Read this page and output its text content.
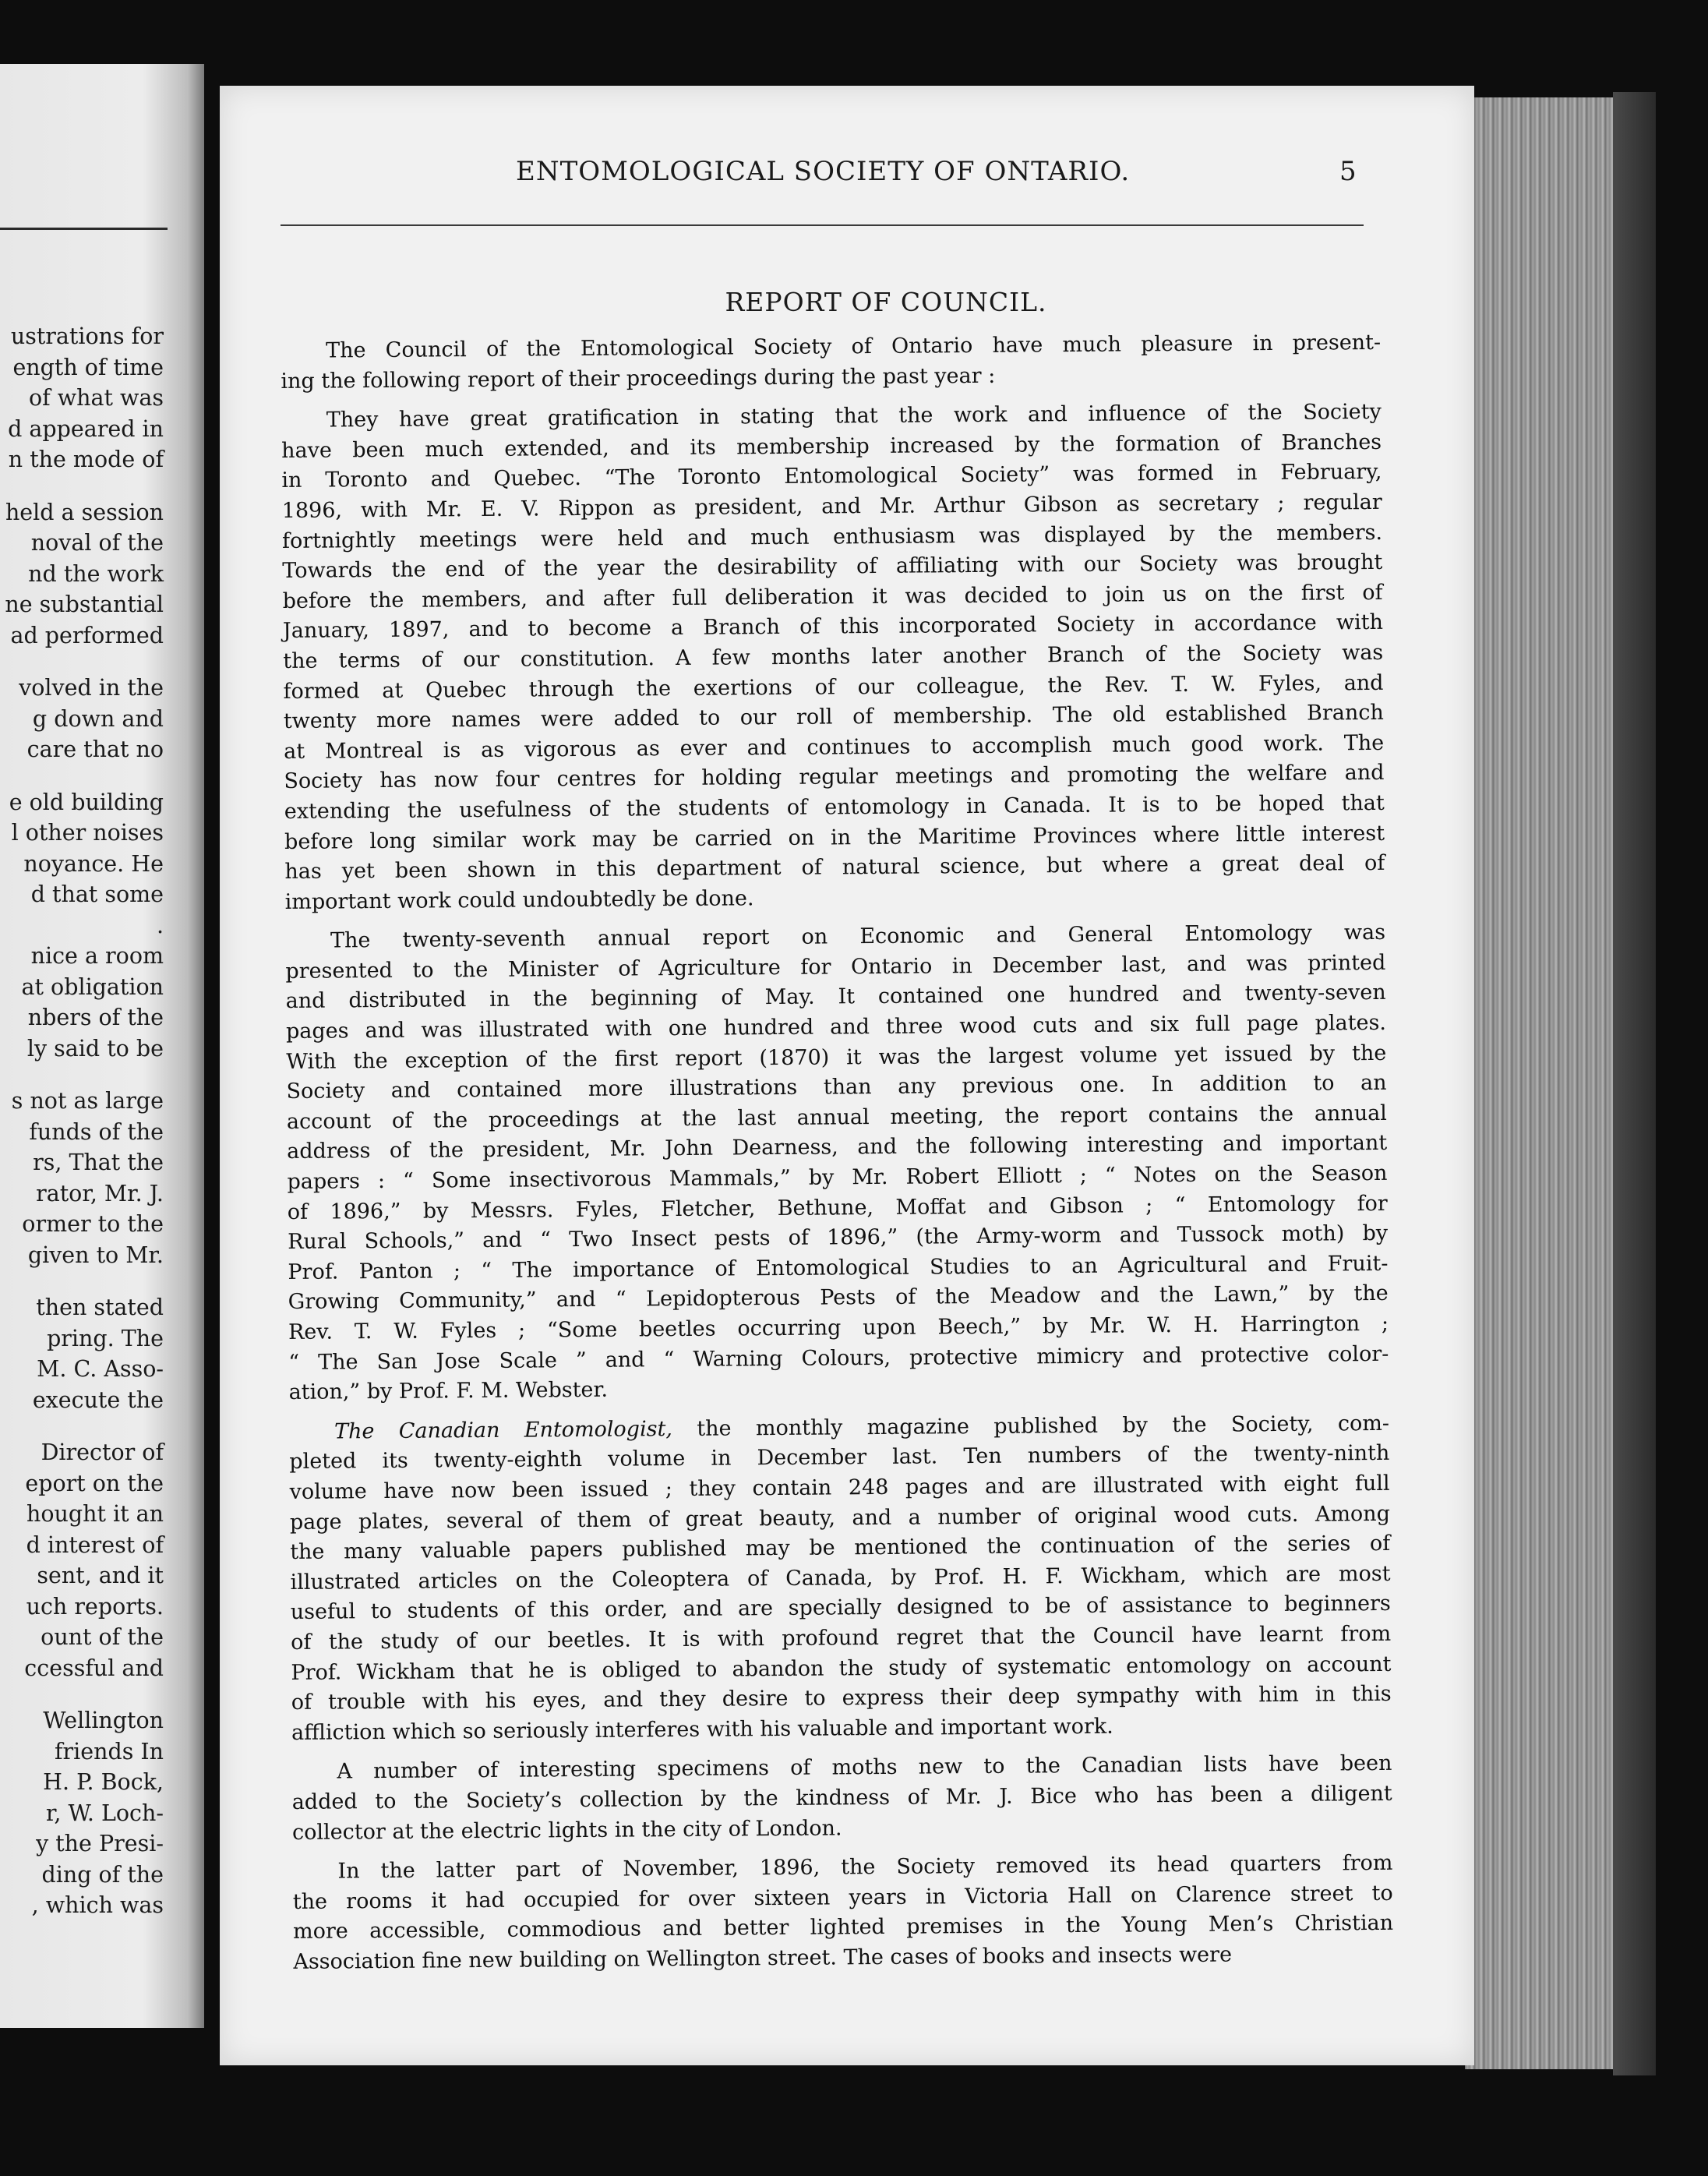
ustrations for
ength of time
of what was
d appeared in
n the mode of
held a session
noval of the
nd the work
ne substantial
ad performed
volved in the
g down and
care that no
e old building
l other noises
noyance. He
d that some
.
nice a room
at obligation
nbers of the
ly said to be
s not as large
funds of the
rs, That the
rator, Mr. J.
ormer to the
given to Mr.
then stated
pring. The
M. C. Asso-
execute the
Director of
eport on the
hought it an
d interest of
sent, and it
uch reports.
ount of the
ccessful and
Wellington
friends In
H. P. Bock,
r, W. Loch-
y the Presi-
ding of the
, which was
ENTOMOLOGICAL SOCIETY OF ONTARIO.	5
REPORT OF COUNCIL.
The Council of the Entomological Society of Ontario have much pleasure in present-
ing the following report of their proceedings during the past year :
They have great gratification in stating that the work and influence of the Society
have been much extended, and its membership increased by the formation of Branches
in Toronto and Quebec. “The Toronto Entomological Society” was formed in February,
1896, with Mr. E. V. Rippon as president, and Mr. Arthur Gibson as secretary ; regular
fortnightly meetings were held and much enthusiasm was displayed by the members.
Towards the end of the year the desirability of affiliating with our Society was brought
before the members, and after full deliberation it was decided to join us on the first of
January, 1897, and to become a Branch of this incorporated Society in accordance with
the terms of our constitution. A few months later another Branch of the Society was
formed at Quebec through the exertions of our colleague, the Rev. T. W. Fyles, and
twenty more names were added to our roll of membership. The old established Branch
at Montreal is as vigorous as ever and continues to accomplish much good work. The
Society has now four centres for holding regular meetings and promoting the welfare and
extending the usefulness of the students of entomology in Canada. It is to be hoped that
before long similar work may be carried on in the Maritime Provinces where little interest
has yet been shown in this department of natural science, but where a great deal of
important work could undoubtedly be done.
The twenty-seventh annual report on Economic and General Entomology was
presented to the Minister of Agriculture for Ontario in December last, and was printed
and distributed in the beginning of May. It contained one hundred and twenty-seven
pages and was illustrated with one hundred and three wood cuts and six full page plates.
With the exception of the first report (1870) it was the largest volume yet issued by the
Society and contained more illustrations than any previous one. In addition to an
account of the proceedings at the last annual meeting, the report contains the annual
address of the president, Mr. John Dearness, and the following interesting and important
papers : “ Some insectivorous Mammals,” by Mr. Robert Elliott ; “ Notes on the Season
of 1896,” by Messrs. Fyles, Fletcher, Bethune, Moffat and Gibson ; “ Entomology for
Rural Schools,” and “ Two Insect pests of 1896,” (the Army-worm and Tussock moth) by
Prof. Panton ; “ The importance of Entomological Studies to an Agricultural and Fruit-
Growing Community,” and “ Lepidopterous Pests of the Meadow and the Lawn,” by the
Rev. T. W. Fyles ; “Some beetles occurring upon Beech,” by Mr. W. H. Harrington ;
“ The San Jose Scale ” and “ Warning Colours, protective mimicry and protective color-
ation,” by Prof. F. M. Webster.
The Canadian Entomologist, the monthly magazine published by the Society, com-
pleted its twenty-eighth volume in December last. Ten numbers of the twenty-ninth
volume have now been issued ; they contain 248 pages and are illustrated with eight full
page plates, several of them of great beauty, and a number of original wood cuts. Among
the many valuable papers published may be mentioned the continuation of the series of
illustrated articles on the Coleoptera of Canada, by Prof. H. F. Wickham, which are most
useful to students of this order, and are specially designed to be of assistance to beginners
of the study of our beetles. It is with profound regret that the Council have learnt from
Prof. Wickham that he is obliged to abandon the study of systematic entomology on account
of trouble with his eyes, and they desire to express their deep sympathy with him in this
affliction which so seriously interferes with his valuable and important work.
A number of interesting specimens of moths new to the Canadian lists have been
added to the Society’s collection by the kindness of Mr. J. Bice who has been a diligent
collector at the electric lights in the city of London.
In the latter part of November, 1896, the Society removed its head quarters from
the rooms it had occupied for over sixteen years in Victoria Hall on Clarence street to
more accessible, commodious and better lighted premises in the Young Men’s Christian
Association fine new building on Wellington street. The cases of books and insects were
